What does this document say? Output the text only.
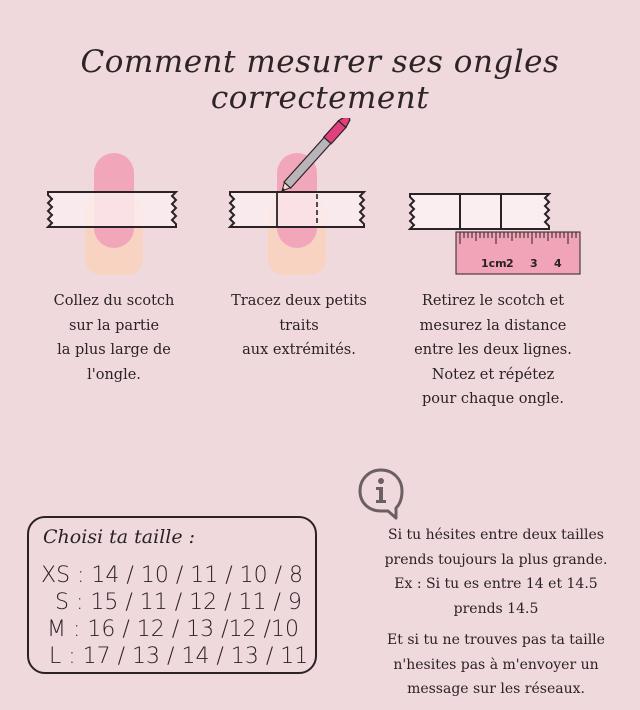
Comment mesurer ses ongles correctement
1cm 2 3 4
Collez du scotch
sur la partie
la plus large de
l'ongle.
Tracez deux petits
traits
aux extrémités.
Retirez le scotch et
mesurez la distance
entre les deux lignes.
Notez et répétez
pour chaque ongle.
Choisi ta taille :
XS : 14 / 10 / 11 / 10 / 8
S : 15 / 11 / 12 / 11 / 9
M : 16 / 12 / 13 /12 /10
L : 17 / 13 / 14 / 13 / 11
Si tu hésites entre deux tailles
prends toujours la plus grande.
Ex : Si tu es entre 14 et 14.5
prends 14.5
Et si tu ne trouves pas ta taille
n'hesites pas à m'envoyer un
message sur les réseaux.
